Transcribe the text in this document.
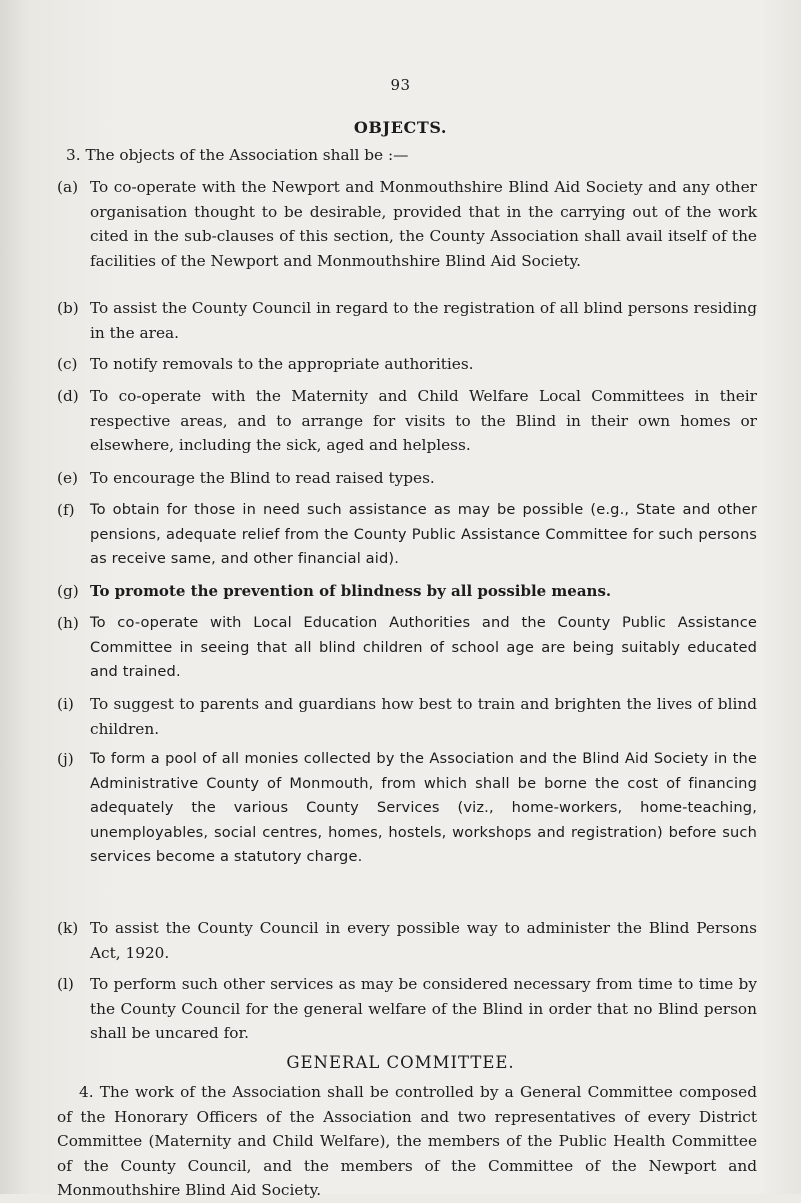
93
OBJECTS.
3. The objects of the Association shall be :—
(a) To co-operate with the Newport and Monmouthshire Blind Aid Society and any other organisation thought to be desirable, provided that in the carrying out of the work cited in the sub-clauses of this section, the County Association shall avail itself of the facilities of the Newport and Monmouthshire Blind Aid Society.
(b) To assist the County Council in regard to the registration of all blind persons residing in the area.
(c) To notify removals to the appropriate authorities.
(d) To co-operate with the Maternity and Child Welfare Local Committees in their respective areas, and to arrange for visits to the Blind in their own homes or elsewhere, including the sick, aged and helpless.
(e) To encourage the Blind to read raised types.
(f)	To obtain for those in need such assistance as may be possible (e.g., State and other pensions, adequate relief from the County Public Assistance Committee for such persons as receive same, and other financial aid).
(g) To promote the prevention of blindness by all possible means.
(h) To co-operate with Local Education Authorities and the County Public Assistance Committee in seeing that all blind children of school age are being suitably educated and trained.
(i)	To suggest to parents and guardians how best to train and brighten the lives of blind children.
(j)	To form a pool of all monies collected by the Association and the Blind Aid Society in the Administrative County of Monmouth, from which shall be borne the cost of financing adequately the various County Services (viz., home-workers, home-teaching, unemployables, social centres, homes, hostels, workshops and registration) before such services become a statutory charge.
(k) To assist the County Council in every possible way to administer the Blind Persons Act, 1920.
(l)	To perform such other services as may be considered necessary from time to time by the County Council for the general welfare of the Blind in order that no Blind person shall be uncared for.
GENERAL COMMITTEE.
4. The work of the Association shall be controlled by a General Committee composed of the Honorary Officers of the Association and two representatives of every District Committee (Maternity and Child Welfare), the members of the Public Health Committee of the County Council, and the members of the Committee of the Newport and Monmouthshire Blind Aid Society.
